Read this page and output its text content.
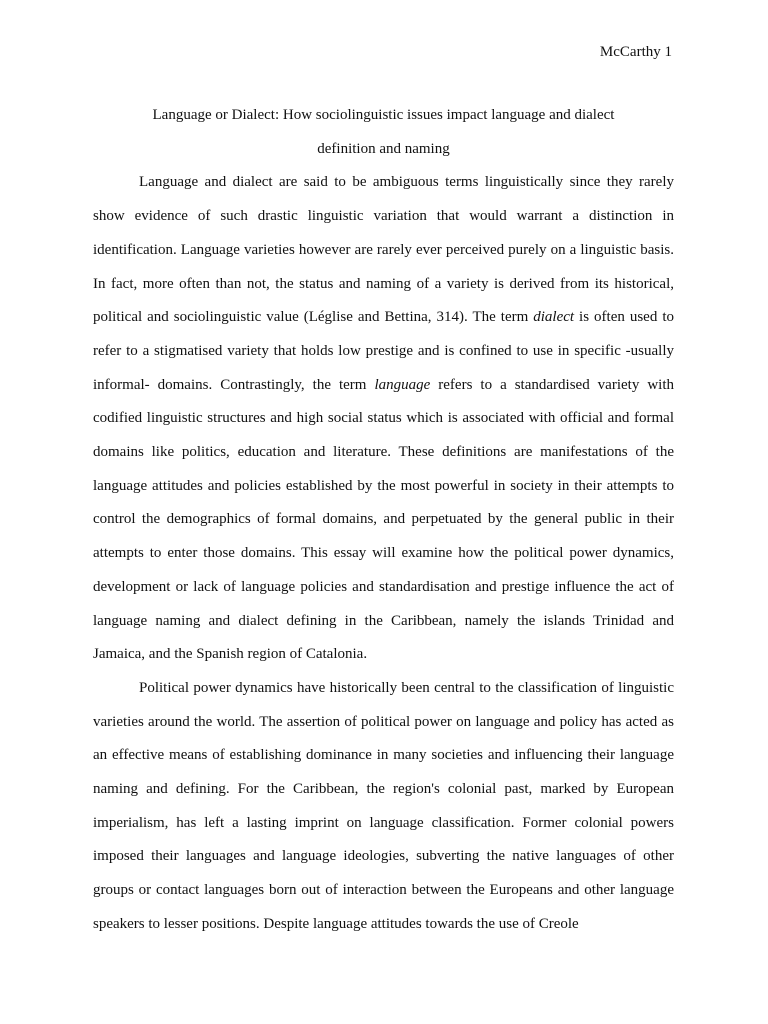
McCarthy 1

Language or Dialect: How sociolinguistic issues impact language and dialect
definition and naming

Language and dialect are said to be ambiguous terms linguistically since they rarely show evidence of such drastic linguistic variation that would warrant a distinction in identification. Language varieties however are rarely ever perceived purely on a linguistic basis. In fact, more often than not, the status and naming of a variety is derived from its historical, political and sociolinguistic value (Léglise and Bettina, 314). The term dialect is often used to refer to a stigmatised variety that holds low prestige and is confined to use in specific -usually informal- domains. Contrastingly, the term language refers to a standardised variety with codified linguistic structures and high social status which is associated with official and formal domains like politics, education and literature. These definitions are manifestations of the language attitudes and policies established by the most powerful in society in their attempts to control the demographics of formal domains, and perpetuated by the general public in their attempts to enter those domains. This essay will examine how the political power dynamics, development or lack of language policies and standardisation and prestige influence the act of language naming and dialect defining in the Caribbean, namely the islands Trinidad and Jamaica, and the Spanish region of Catalonia.

Political power dynamics have historically been central to the classification of linguistic varieties around the world. The assertion of political power on language and policy has acted as an effective means of establishing dominance in many societies and influencing their language naming and defining. For the Caribbean, the region's colonial past, marked by European imperialism, has left a lasting imprint on language classification. Former colonial powers imposed their languages and language ideologies, subverting the native languages of other groups or contact languages born out of interaction between the Europeans and other language speakers to lesser positions. Despite language attitudes towards the use of Creole
